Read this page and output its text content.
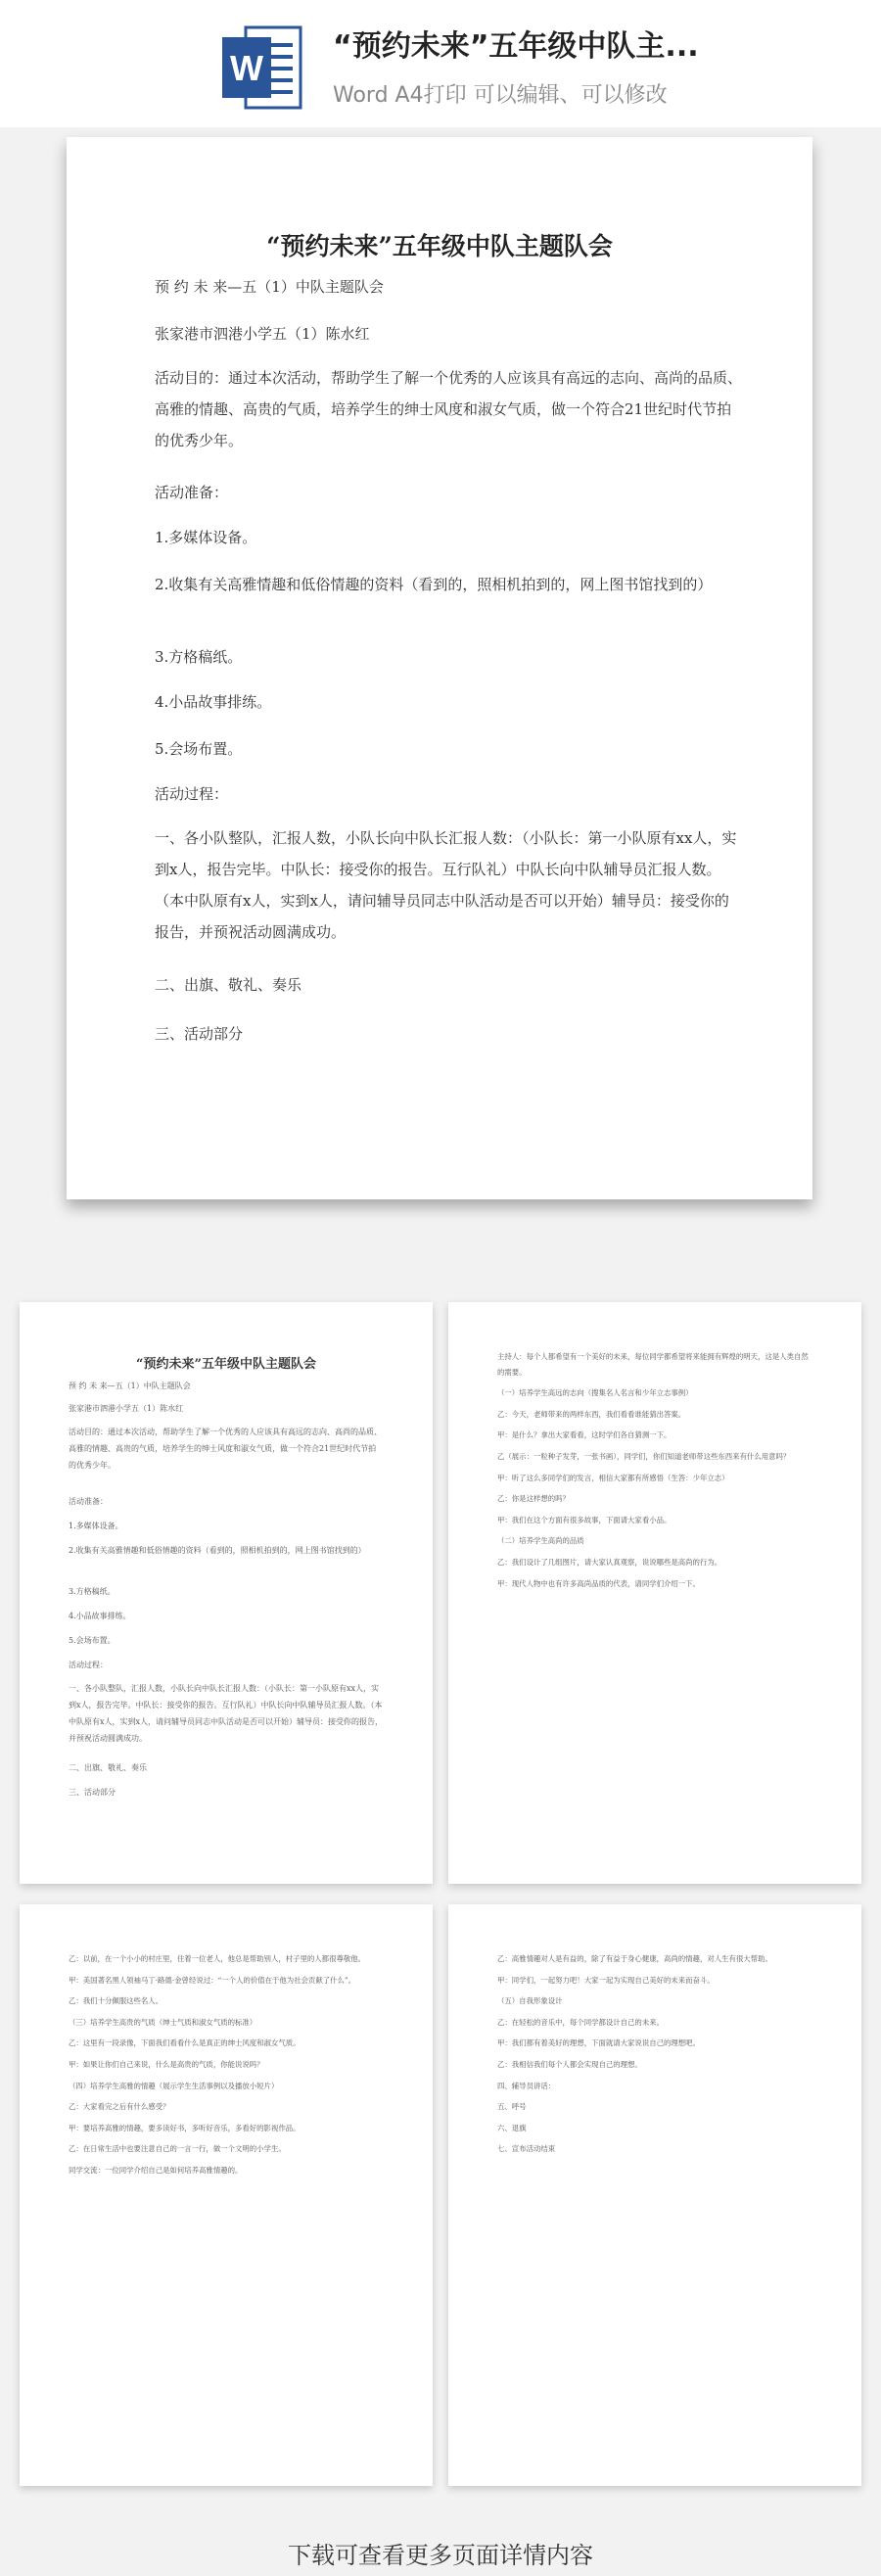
W
“预约未来”五年级中队主...
Word A4打印 可以编辑、可以修改
“预约未来”五年级中队主题队会
预 约 未 来—五（1）中队主题队会
张家港市泗港小学五（1）陈水红
活动目的：通过本次活动，帮助学生了解一个优秀的人应该具有高远的志向、高尚的品质、高雅的情趣、高贵的气质，培养学生的绅士风度和淑女气质，做一个符合21世纪时代节拍的优秀少年。
活动准备：
1.多媒体设备。
2.收集有关高雅情趣和低俗情趣的资料（看到的，照相机拍到的，网上图书馆找到的）
3.方格稿纸。
4.小品故事排练。
5.会场布置。
活动过程：
一、各小队整队，汇报人数，小队长向中队长汇报人数：（小队长：第一小队原有xx人，实到x人，报告完毕。中队长：接受你的报告。互行队礼）中队长向中队辅导员汇报人数。（本中队原有x人，实到x人，请问辅导员同志中队活动是否可以开始）辅导员：接受你的报告，并预祝活动圆满成功。
二、出旗、敬礼、奏乐
三、活动部分
“预约未来”五年级中队主题队会
预 约 未 来—五（1）中队主题队会
张家港市泗港小学五（1）陈水红
活动目的：通过本次活动，帮助学生了解一个优秀的人应该具有高远的志向、高尚的品质、高雅的情趣、高贵的气质，培养学生的绅士风度和淑女气质，做一个符合21世纪时代节拍的优秀少年。
活动准备：
1.多媒体设备。
2.收集有关高雅情趣和低俗情趣的资料（看到的，照相机拍到的，网上图书馆找到的）
3.方格稿纸。
4.小品故事排练。
5.会场布置。
活动过程：
一、各小队整队，汇报人数，小队长向中队长汇报人数：（小队长：第一小队原有xx人，实到x人，报告完毕。中队长：接受你的报告。互行队礼）中队长向中队辅导员汇报人数。（本中队原有x人，实到x人，请问辅导员同志中队活动是否可以开始）辅导员：接受你的报告，并预祝活动圆满成功。
二、出旗、敬礼、奏乐
三、活动部分

主持人：每个人都希望有一个美好的未来，每位同学都希望将来能拥有辉煌的明天，这是人类自然的需要。

（一）培养学生高远的志向（搜集名人名言和少年立志事例）

乙：今天，老师带来的两样东西，我们看看谁能猜出答案。

甲：是什么？拿出大家看看，这时学们各自猜测一下。

乙（展示：一粒种子发芽，一张书画），同学们，你们知道老师带这些东西来有什么用意吗？

甲：听了这么多同学们的发言，相信大家都有所感悟（生答：少年立志）

乙：你是这样想的吗？

甲：我们在这个方面有很多故事，下面请大家看小品。

（二）培养学生高尚的品质

乙：我们设计了几组图片，请大家认真观察，说说哪些是高尚的行为。

甲：现代人物中也有许多高尚品质的代表，请同学们介绍一下。

乙：以前，在一个小小的村庄里，住着一位老人，他总是帮助别人，村子里的人都很尊敬他。

甲：美国著名黑人领袖马丁·路德·金曾经说过：“一个人的价值在于他为社会贡献了什么”。

乙：我们十分佩服这些名人。

（三）培养学生高贵的气质（绅士气质和淑女气质的标准）

乙：这里有一段录像，下面我们看看什么是真正的绅士风度和淑女气质。

甲：如果让你们自己来说，什么是高贵的气质，你能说说吗？

（四）培养学生高雅的情趣（展示学生生活事例以及播放小短片）

乙：大家看完之后有什么感受？

甲：要培养高雅的情趣，要多读好书，多听好音乐，多看好的影视作品。

乙：在日常生活中也要注意自己的一言一行，做一个文明的小学生。

同学交流：一位同学介绍自己是如何培养高雅情趣的。

乙：高雅情趣对人是有益的，除了有益于身心健康，高尚的情趣，对人生有很大帮助。

甲：同学们，一起努力吧！大家一起为实现自己美好的未来而奋斗。

（五）自我形象设计

乙：在轻松的音乐中，每个同学都设计自己的未来。

甲：我们都有着美好的理想，下面就请大家说说自己的理想吧。

乙：我相信我们每个人都会实现自己的理想。

四、辅导员讲话：

五、呼号

六、退旗

七、宣布活动结束

下载可查看更多页面详情内容
